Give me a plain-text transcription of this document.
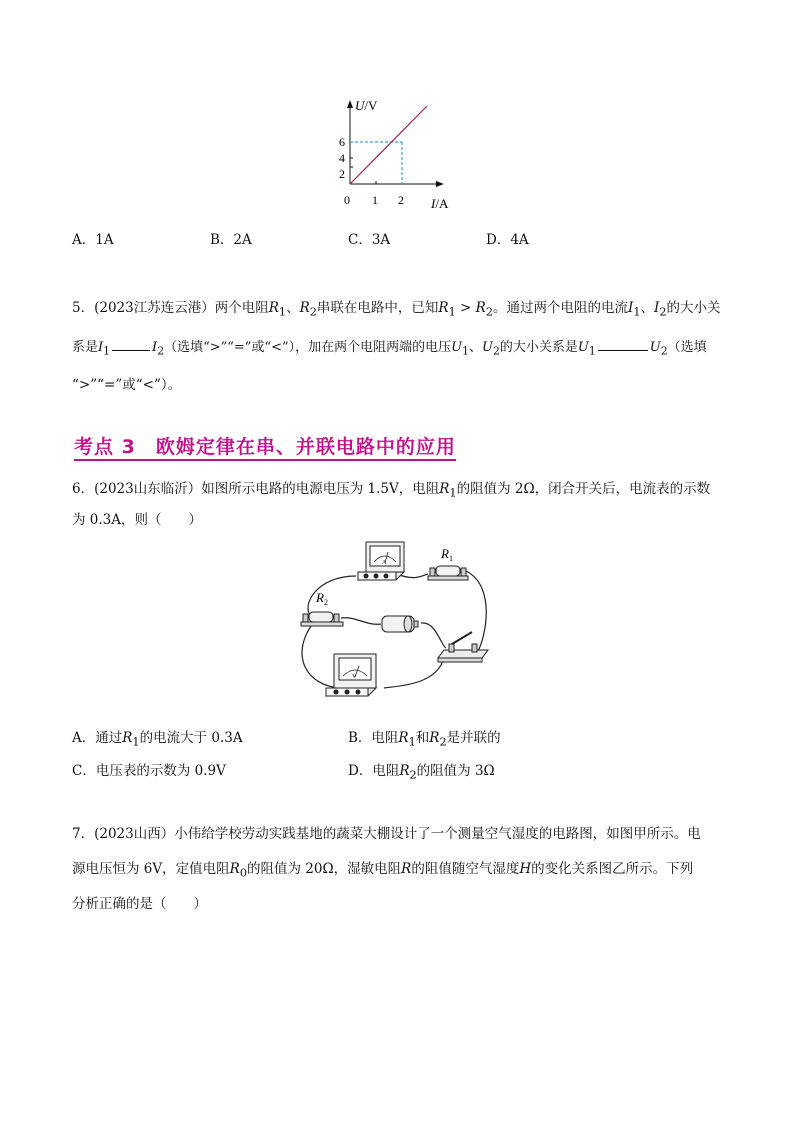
U/V
6
4
2
0 1 2 I/A
A．1A	B．2A	C．3A	D．4A
5．(2023江苏连云港）两个电阻$R_1$、$R_2$串联在电路中，已知$R_1 > R_2$。通过两个电阻的电流$I_1$、$I_2$的大小关
系是$I_1$	$I_2$（选填“>”“=”或“<”），加在两个电阻两端的电压$U_1$、$U_2$的大小关系是$U_1$	$U_2$（选填
“>”“=”或“<”）。
考点 3　欧姆定律在串、并联电路中的应用
6．(2023山东临沂）如图所示电路的电源电压为 1.5V，电阻$R_1$的阻值为 2Ω，闭合开关后，电流表的示数
为 0.3A，则（　　）
A
$R_1$
$R_2$
V
A．通过$R_1$的电流大于 0.3A	B．电阻$R_1$和$R_2$是并联的
C．电压表的示数为 0.9V	D．电阻$R_2$的阻值为 3Ω
7．(2023山西）小伟给学校劳动实践基地的蔬菜大棚设计了一个测量空气湿度的电路图，如图甲所示。电
源电压恒为 6V，定值电阻$R_0$的阻值为 20Ω，湿敏电阻R的阻值随空气湿度H的变化关系图乙所示。下列
分析正确的是（　　）
